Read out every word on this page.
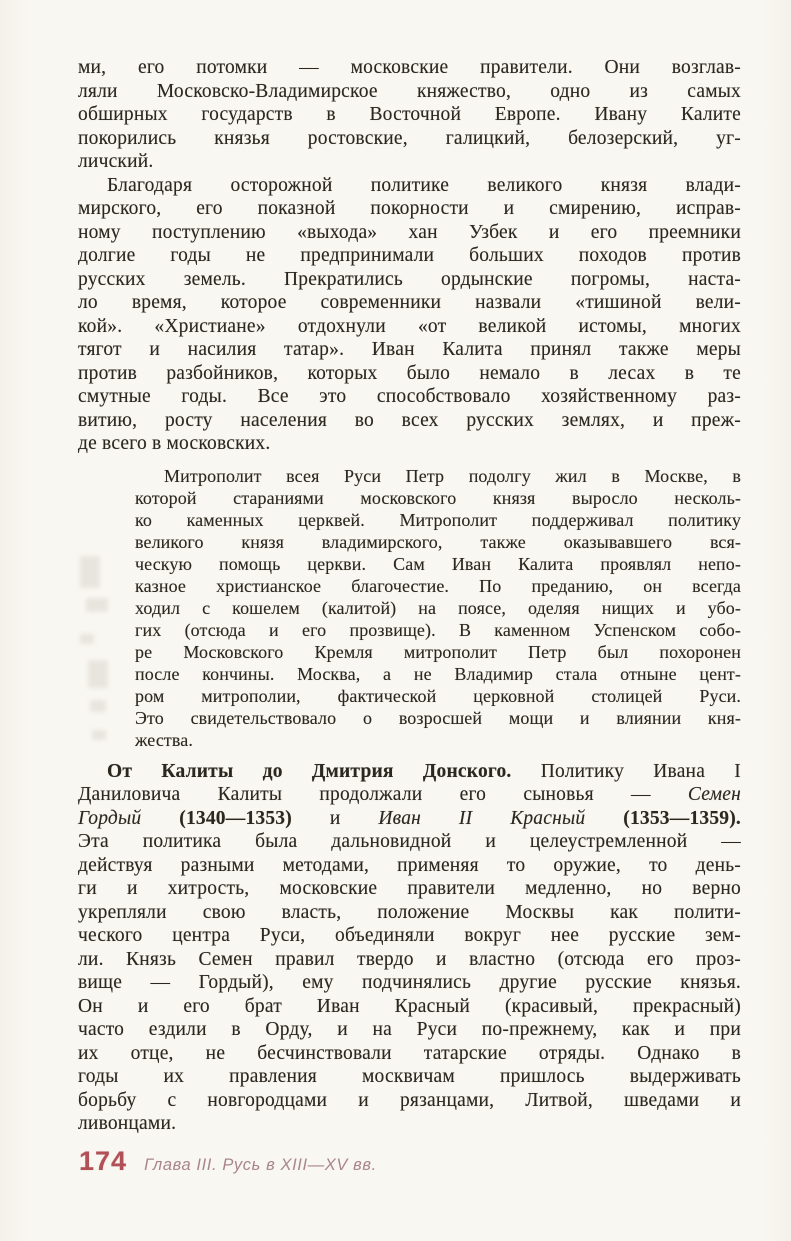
ми, его потомки — московские правители. Они возглав-
ляли Московско-Владимирское княжество, одно из самых
обширных государств в Восточной Европе. Ивану Калите
покорились князья ростовские, галицкий, белозерский, уг-
личский.

Благодаря осторожной политике великого князя влади-
мирского, его показной покорности и смирению, исправ-
ному поступлению «выхода» хан Узбек и его преемники
долгие годы не предпринимали больших походов против
русских земель. Прекратились ордынские погромы, наста-
ло время, которое современники назвали «тишиной вели-
кой». «Христиане» отдохнули «от великой истомы, многих
тягот и насилия татар». Иван Калита принял также меры
против разбойников, которых было немало в лесах в те
смутные годы. Все это способствовало хозяйственному раз-
витию, росту населения во всех русских землях, и преж-
де всего в московских.

Митрополит всея Руси Петр подолгу жил в Москве, в
которой стараниями московского князя выросло несколь-
ко каменных церквей. Митрополит поддерживал политику
великого князя владимирского, также оказывавшего вся-
ческую помощь церкви. Сам Иван Калита проявлял непо-
казное христианское благочестие. По преданию, он всегда
ходил с кошелем (калитой) на поясе, оделяя нищих и убо-
гих (отсюда и его прозвище). В каменном Успенском собо-
ре Московского Кремля митрополит Петр был похоронен
после кончины. Москва, а не Владимир стала отныне цент-
ром митрополии, фактической церковной столицей Руси.
Это свидетельствовало о возросшей мощи и влиянии кня-
жества.

От Калиты до Дмитрия Донского. Политику Ивана I
Даниловича Калиты продолжали его сыновья — Семен
Гордый (1340—1353) и Иван II Красный (1353—1359).
Эта политика была дальновидной и целеустремленной —
действуя разными методами, применяя то оружие, то день-
ги и хитрость, московские правители медленно, но верно
укрепляли свою власть, положение Москвы как полити-
ческого центра Руси, объединяли вокруг нее русские зем-
ли. Князь Семен правил твердо и властно (отсюда его проз-
вище — Гордый), ему подчинялись другие русские князья.
Он и его брат Иван Красный (красивый, прекрасный)
часто ездили в Орду, и на Руси по-прежнему, как и при
их отце, не бесчинствовали татарские отряды. Однако в
годы их правления москвичам пришлось выдерживать
борьбу с новгородцами и рязанцами, Литвой, шведами и
ливонцами.

174 Глава III. Русь в XIII—XV вв.
